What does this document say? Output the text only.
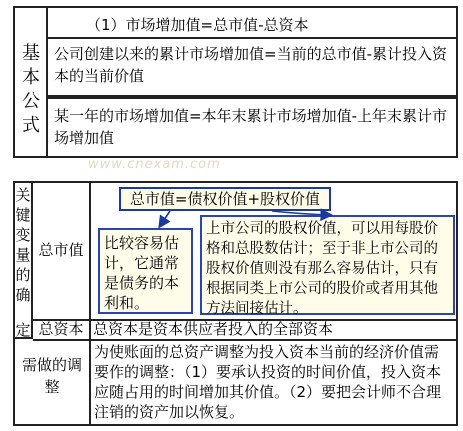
基
本
公
式
（1）市场增加值=总市值-总资本
公司创建以来的累计市场增加值=当前的总市值-累计投入资本的当前价值
某一年的市场增加值=本年末累计市场增加值-上年末累计市场增加值
www.cnexam.com
关
键
变
量
的
确
总市值
总市值=债权价值+股权价值
比较容易估计，它通常是债务的本利和。
上市公司的股权价值，可以用每股价格和总股数估计；至于非上市公司的股权价值则没有那么容易估计，只有根据同类上市公司的股价或者用其他方法间接估计。
定 总资本 总资本是资本供应者投入的全部资本
需做的调整
为使账面的总资产调整为投入资本当前的经济价值需要作的调整：（1）要承认投资的时间价值，投入资本应随占用的时间增加其价值。（2）要把会计师不合理注销的资产加以恢复。
